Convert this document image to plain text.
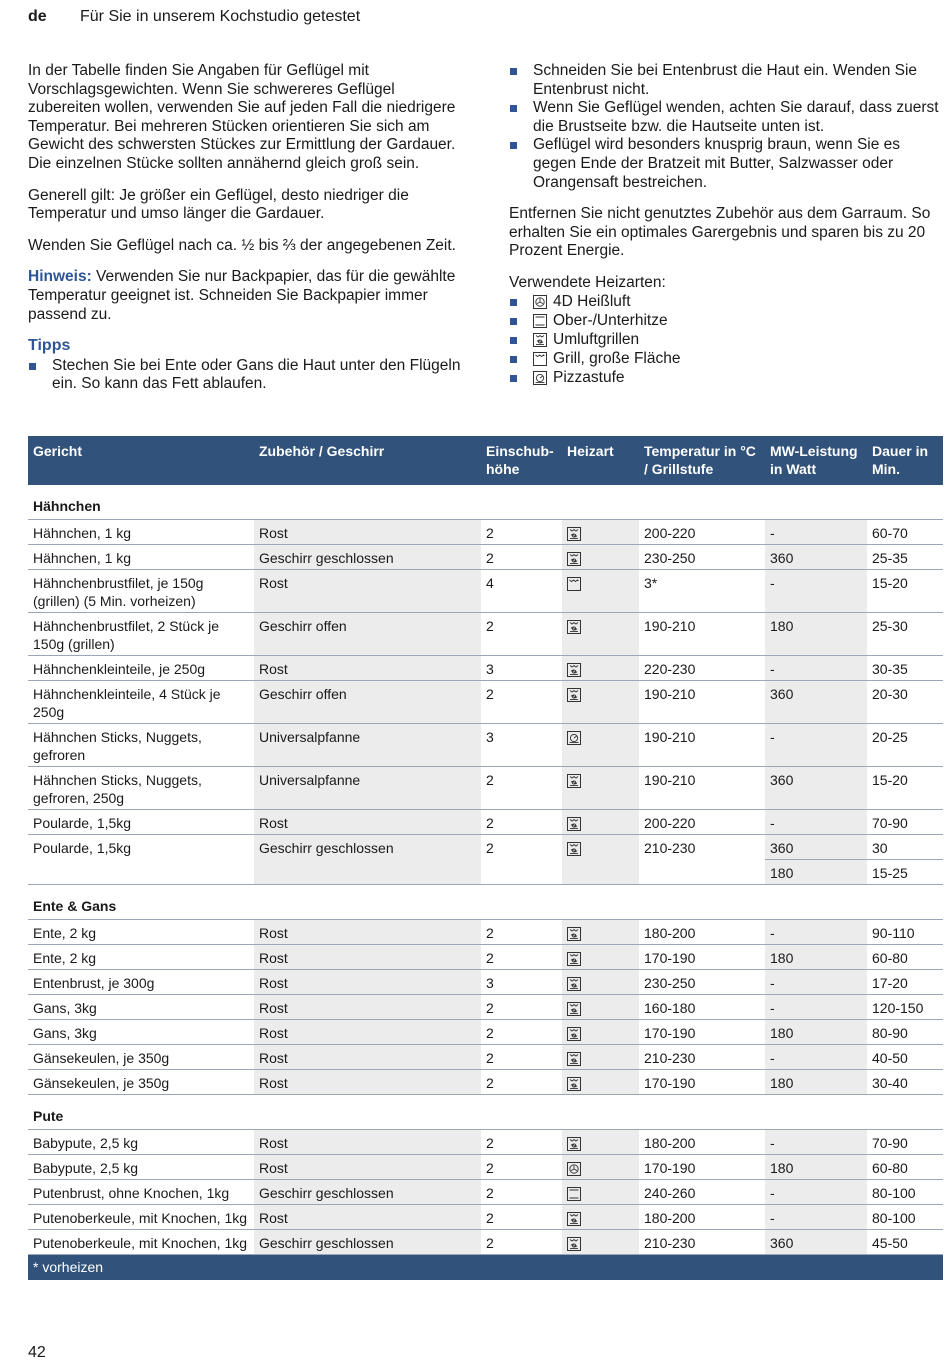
de Für Sie in unserem Kochstudio getestet

In der Tabelle finden Sie Angaben für Geflügel mit Vorschlagsgewichten. Wenn Sie schwereres Geflügel zubereiten wollen, verwenden Sie auf jeden Fall die niedrigere Temperatur. Bei mehreren Stücken orientieren Sie sich am Gewicht des schwersten Stückes zur Ermittlung der Gardauer. Die einzelnen Stücke sollten annähernd gleich groß sein.

Generell gilt: Je größer ein Geflügel, desto niedriger die Temperatur und umso länger die Gardauer.

Wenden Sie Geflügel nach ca. ½ bis ⅔ der angegebenen Zeit.

Hinweis: Verwenden Sie nur Backpapier, das für die gewählte Temperatur geeignet ist. Schneiden Sie Backpapier immer passend zu.

Tipps
Stechen Sie bei Ente oder Gans die Haut unter den Flügeln ein. So kann das Fett ablaufen.
Schneiden Sie bei Entenbrust die Haut ein. Wenden Sie Entenbrust nicht.
Wenn Sie Geflügel wenden, achten Sie darauf, dass zuerst die Brustseite bzw. die Hautseite unten ist.
Geflügel wird besonders knusprig braun, wenn Sie es gegen Ende der Bratzeit mit Butter, Salzwasser oder Orangensaft bestreichen.

Entfernen Sie nicht genutztes Zubehör aus dem Garraum. So erhalten Sie ein optimales Garergebnis und sparen bis zu 20 Prozent Energie.

Verwendete Heizarten:
4D Heißluft
Ober-/Unterhitze
Umluftgrillen
Grill, große Fläche
Pizzastufe
Gericht	Zubehör / Geschirr	Einschub-höhe	Heizart	Temperatur in °C / Grillstufe	MW-Leistung in Watt	Dauer in Min.
Hähnchen						
Hähnchen, 1 kg	Rost	2		200-220	-	60-70
Hähnchen, 1 kg	Geschirr geschlossen	2		230-250	360	25-35
Hähnchenbrustfilet, je 150g (grillen) (5 Min. vorheizen)	Rost	4		3*	-	15-20
Hähnchenbrustfilet, 2 Stück je 150g (grillen)	Geschirr offen	2		190-210	180	25-30
Hähnchenkleinteile, je 250g	Rost	3		220-230	-	30-35
Hähnchenkleinteile, 4 Stück je 250g	Geschirr offen	2		190-210	360	20-30
Hähnchen Sticks, Nuggets, gefroren	Universalpfanne	3		190-210	-	20-25
Hähnchen Sticks, Nuggets, gefroren, 250g	Universalpfanne	2		190-210	360	15-20
Poularde, 1,5kg	Rost	2		200-220	-	70-90
Poularde, 1,5kg	Geschirr geschlossen	2		210-230	360	30
					180	15-25
Ente & Gans						
Ente, 2 kg	Rost	2		180-200	-	90-110
Ente, 2 kg	Rost	2		170-190	180	60-80
Entenbrust, je 300g	Rost	3		230-250	-	17-20
Gans, 3kg	Rost	2		160-180	-	120-150
Gans, 3kg	Rost	2		170-190	180	80-90
Gänsekeulen, je 350g	Rost	2		210-230	-	40-50
Gänsekeulen, je 350g	Rost	2		170-190	180	30-40
Pute						
Babypute, 2,5 kg	Rost	2		180-200	-	70-90
Babypute, 2,5 kg	Rost	2		170-190	180	60-80
Putenbrust, ohne Knochen, 1kg	Geschirr geschlossen	2		240-260	-	80-100
Putenoberkeule, mit Knochen, 1kg	Rost	2		180-200	-	80-100
Putenoberkeule, mit Knochen, 1kg	Geschirr geschlossen	2		210-230	360	45-50
* vorheizen						
42
